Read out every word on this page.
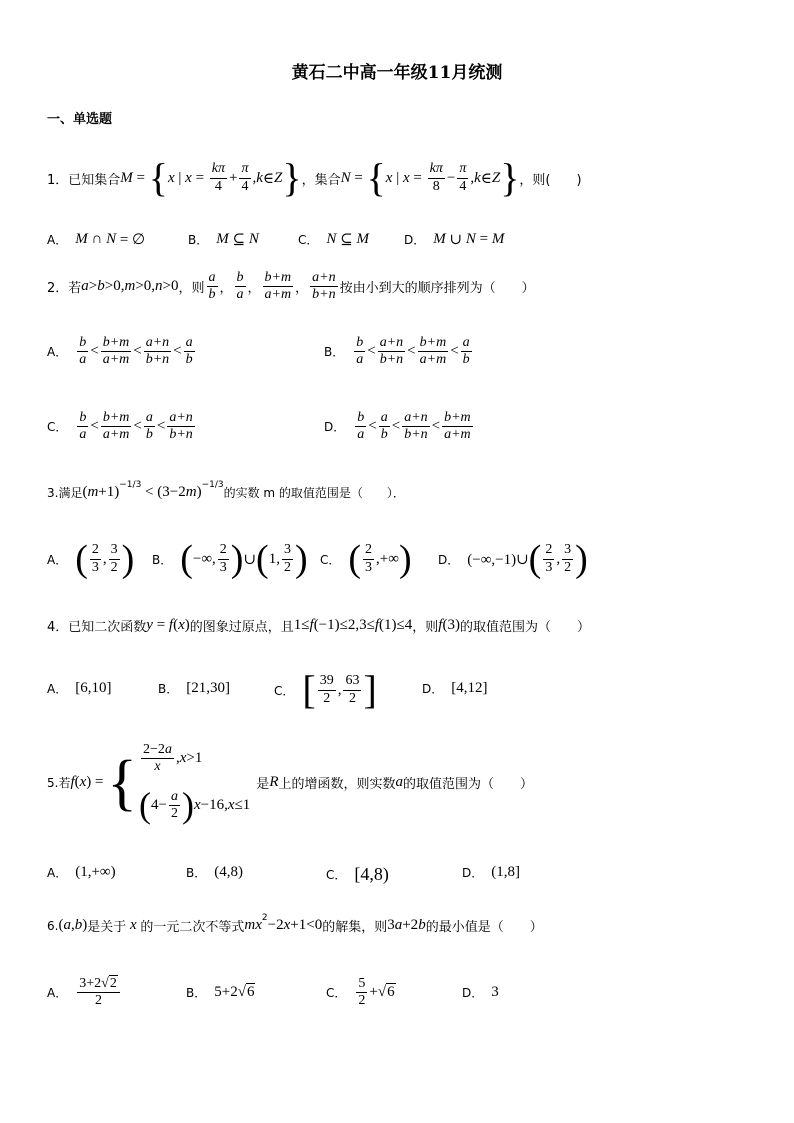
黄石二中高一年级11月统测
一、单选题
1．已知集合 M = { x | $x = \frac{k\pi}{4} + \frac{\pi}{4}$ , k ∈ Z } ，集合 N = { x | $x = \frac{k\pi}{8} - \frac{\pi}{4}$ , k ∈ Z } ，则(　　)
A． M ∩ N = ∅	B． M ⊆ N	C． N ⊆ M	D． M ∪ N = M
2．若 a > b >0, m >0, n >0 ，则 $\frac{a}{b}$ ， $\frac{b}{a}$ ， $\frac{b+m}{a+m}$ ， $\frac{a+n}{b+n}$ 按由小到大的顺序排列为（　　）
A． $\frac{b}{a} < \frac{b+m}{a+m} < \frac{a+n}{b+n} < \frac{a}{b}$	B． $\frac{b}{a} < \frac{a+n}{b+n} < \frac{b+m}{a+m} < \frac{a}{b}$
C． $\frac{b}{a} < \frac{b+m}{a+m} < \frac{a}{b} < \frac{a+n}{b+n}$	D． $\frac{b}{a} < \frac{a}{b} < \frac{a+n}{b+n} < \frac{b+m}{a+m}$
3.满足 ( m +1)$^{-1/3}$ < (3−2 m )$^{-1/3}$
的实数 m 的取值范围是（　　）．
A． ( $\frac{2}{3}$ , $\frac{3}{2}$ ) B． ( −∞, $\frac{2}{3}$ ) ∪ ( 1, $\frac{3}{2}$ ) C． ( $\frac{2}{3}$ ,+∞ ) D． (−∞,−1)∪ ( $\frac{2}{3}$ , $\frac{3}{2}$ )
4．已知二次函数 y = f ( x ) 的图象过原点，且 1≤ f (−1)≤2,3≤ f (1)≤4 ，则 f (3) 的取值范围为（　　）
A． [6,10]	B． [21,30]	C． [ $\frac{39}{2}$ , $\frac{63}{2}$ ]	D． [4,12]
5.若 f ( x ) = { $\frac{2-2a}{x}$ , x >1
( $4- \frac{a}{2}$ ) x −16, x ≤1
是 R 上的增函数，则实数 a 的取值范围为（　　）
A． (1,+∞)	B． (4,8)	C． [4,8)	D． (1,8]
6. ( a , b ) 是关于 x 的一元二次不等式 $mx^2 -2$ x +1<0 的解集，则 3 a +2 b 的最小值是（　　）
A． $\frac{3+2√2}{2}$	B． 5+2 √6	C． $\frac{5}{2} +√6$	D． 3
